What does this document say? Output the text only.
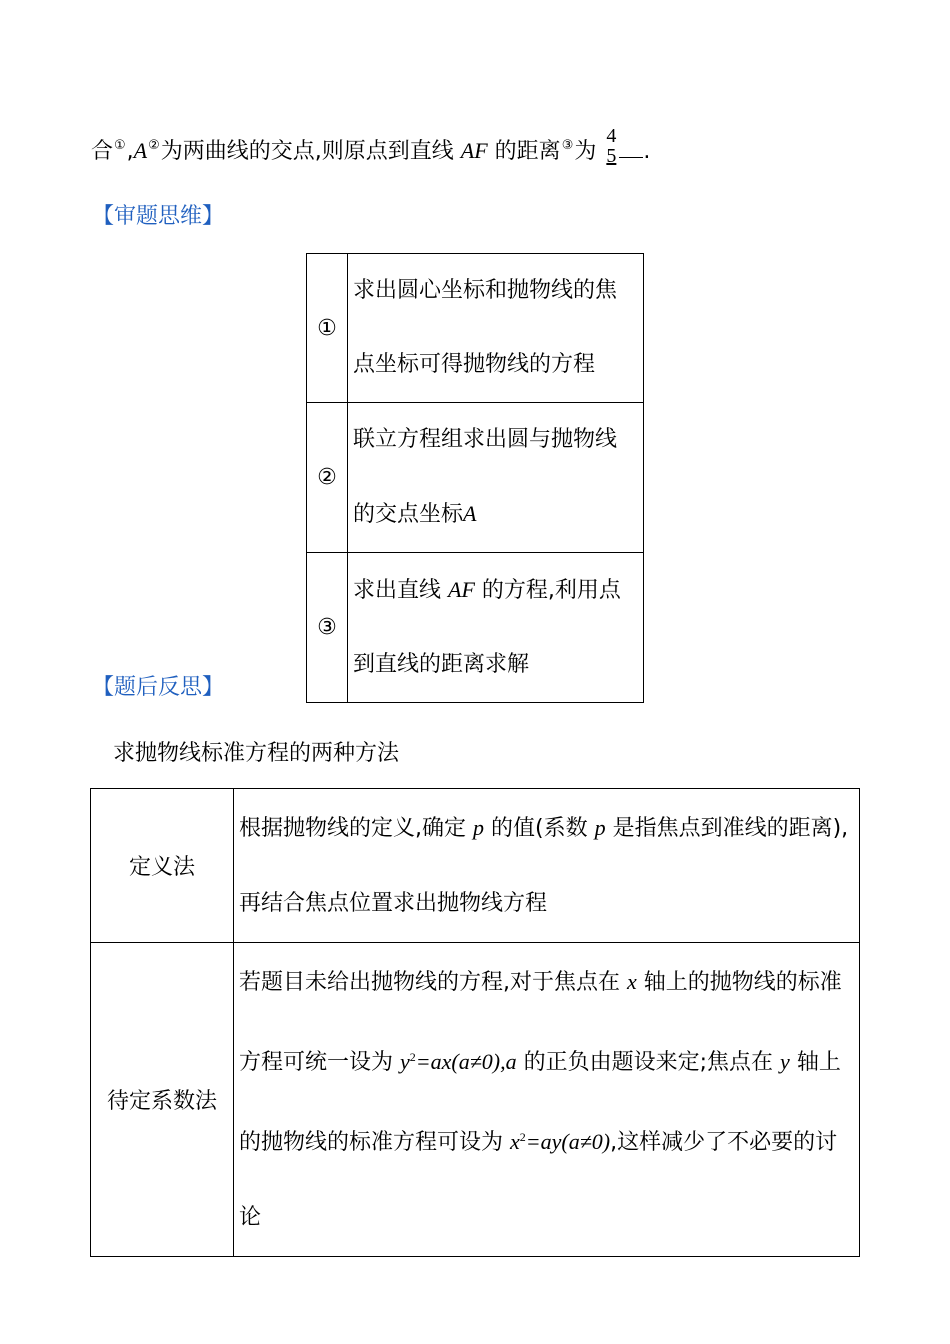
合①,A②为两曲线的交点,则原点到直线 AF 的距离③为
4
5 .
【审题思维】
①	求出圆心坐标和抛物线的焦
点坐标可得抛物线的方程

②	联立方程组求出圆与抛物线
的交点坐标A

③	求出直线 AF 的方程,利用点
到直线的距离求解
【题后反思】
求抛物线标准方程的两种方法
定义法	根据抛物线的定义,确定 p 的值(系数 p 是指焦点到准线的距离),
再结合焦点位置求出抛物线方程

待定系数法	若题目未给出抛物线的方程,对于焦点在 x 轴上的抛物线的标准
方程可统一设为 $y^2=ax(a\ne 0),a$ 的正负由题设来定;焦点在 y 轴上
的抛物线的标准方程可设为 $x^2=ay(a\ne 0)$,这样减少了不必要的讨
论
